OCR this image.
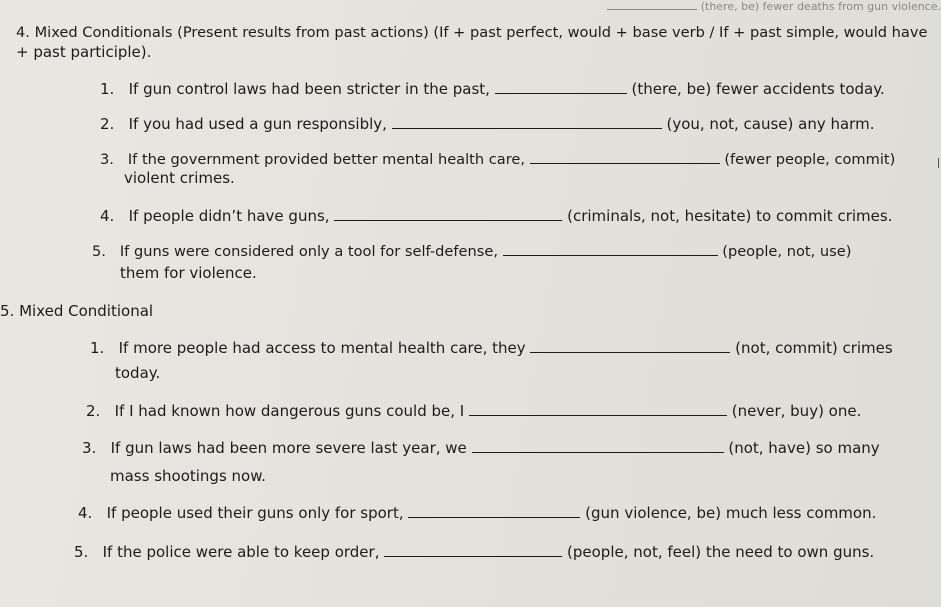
(there, be) fewer deaths from gun violence.
4. Mixed Conditionals (Present results from past actions) (If + past perfect, would + base verb / If + past simple, would have
+ past participle).
1. If gun control laws had been stricter in the past,	(there, be) fewer accidents today.
2. If you had used a gun responsibly,	(you, not, cause) any harm.
3. If the government provided better mental health care,	(fewer people, commit)
violent crimes.
4. If people didn’t have guns,	(criminals, not, hesitate) to commit crimes.
5. If guns were considered only a tool for self-defense,	(people, not, use)
them for violence.
5. Mixed Conditional
1. If more people had access to mental health care, they	(not, commit) crimes
today.
2. If I had known how dangerous guns could be, I	(never, buy) one.
3. If gun laws had been more severe last year, we	(not, have) so many
mass shootings now.
4. If people used their guns only for sport,	(gun violence, be) much less common.
5. If the police were able to keep order,	(people, not, feel) the need to own guns.
